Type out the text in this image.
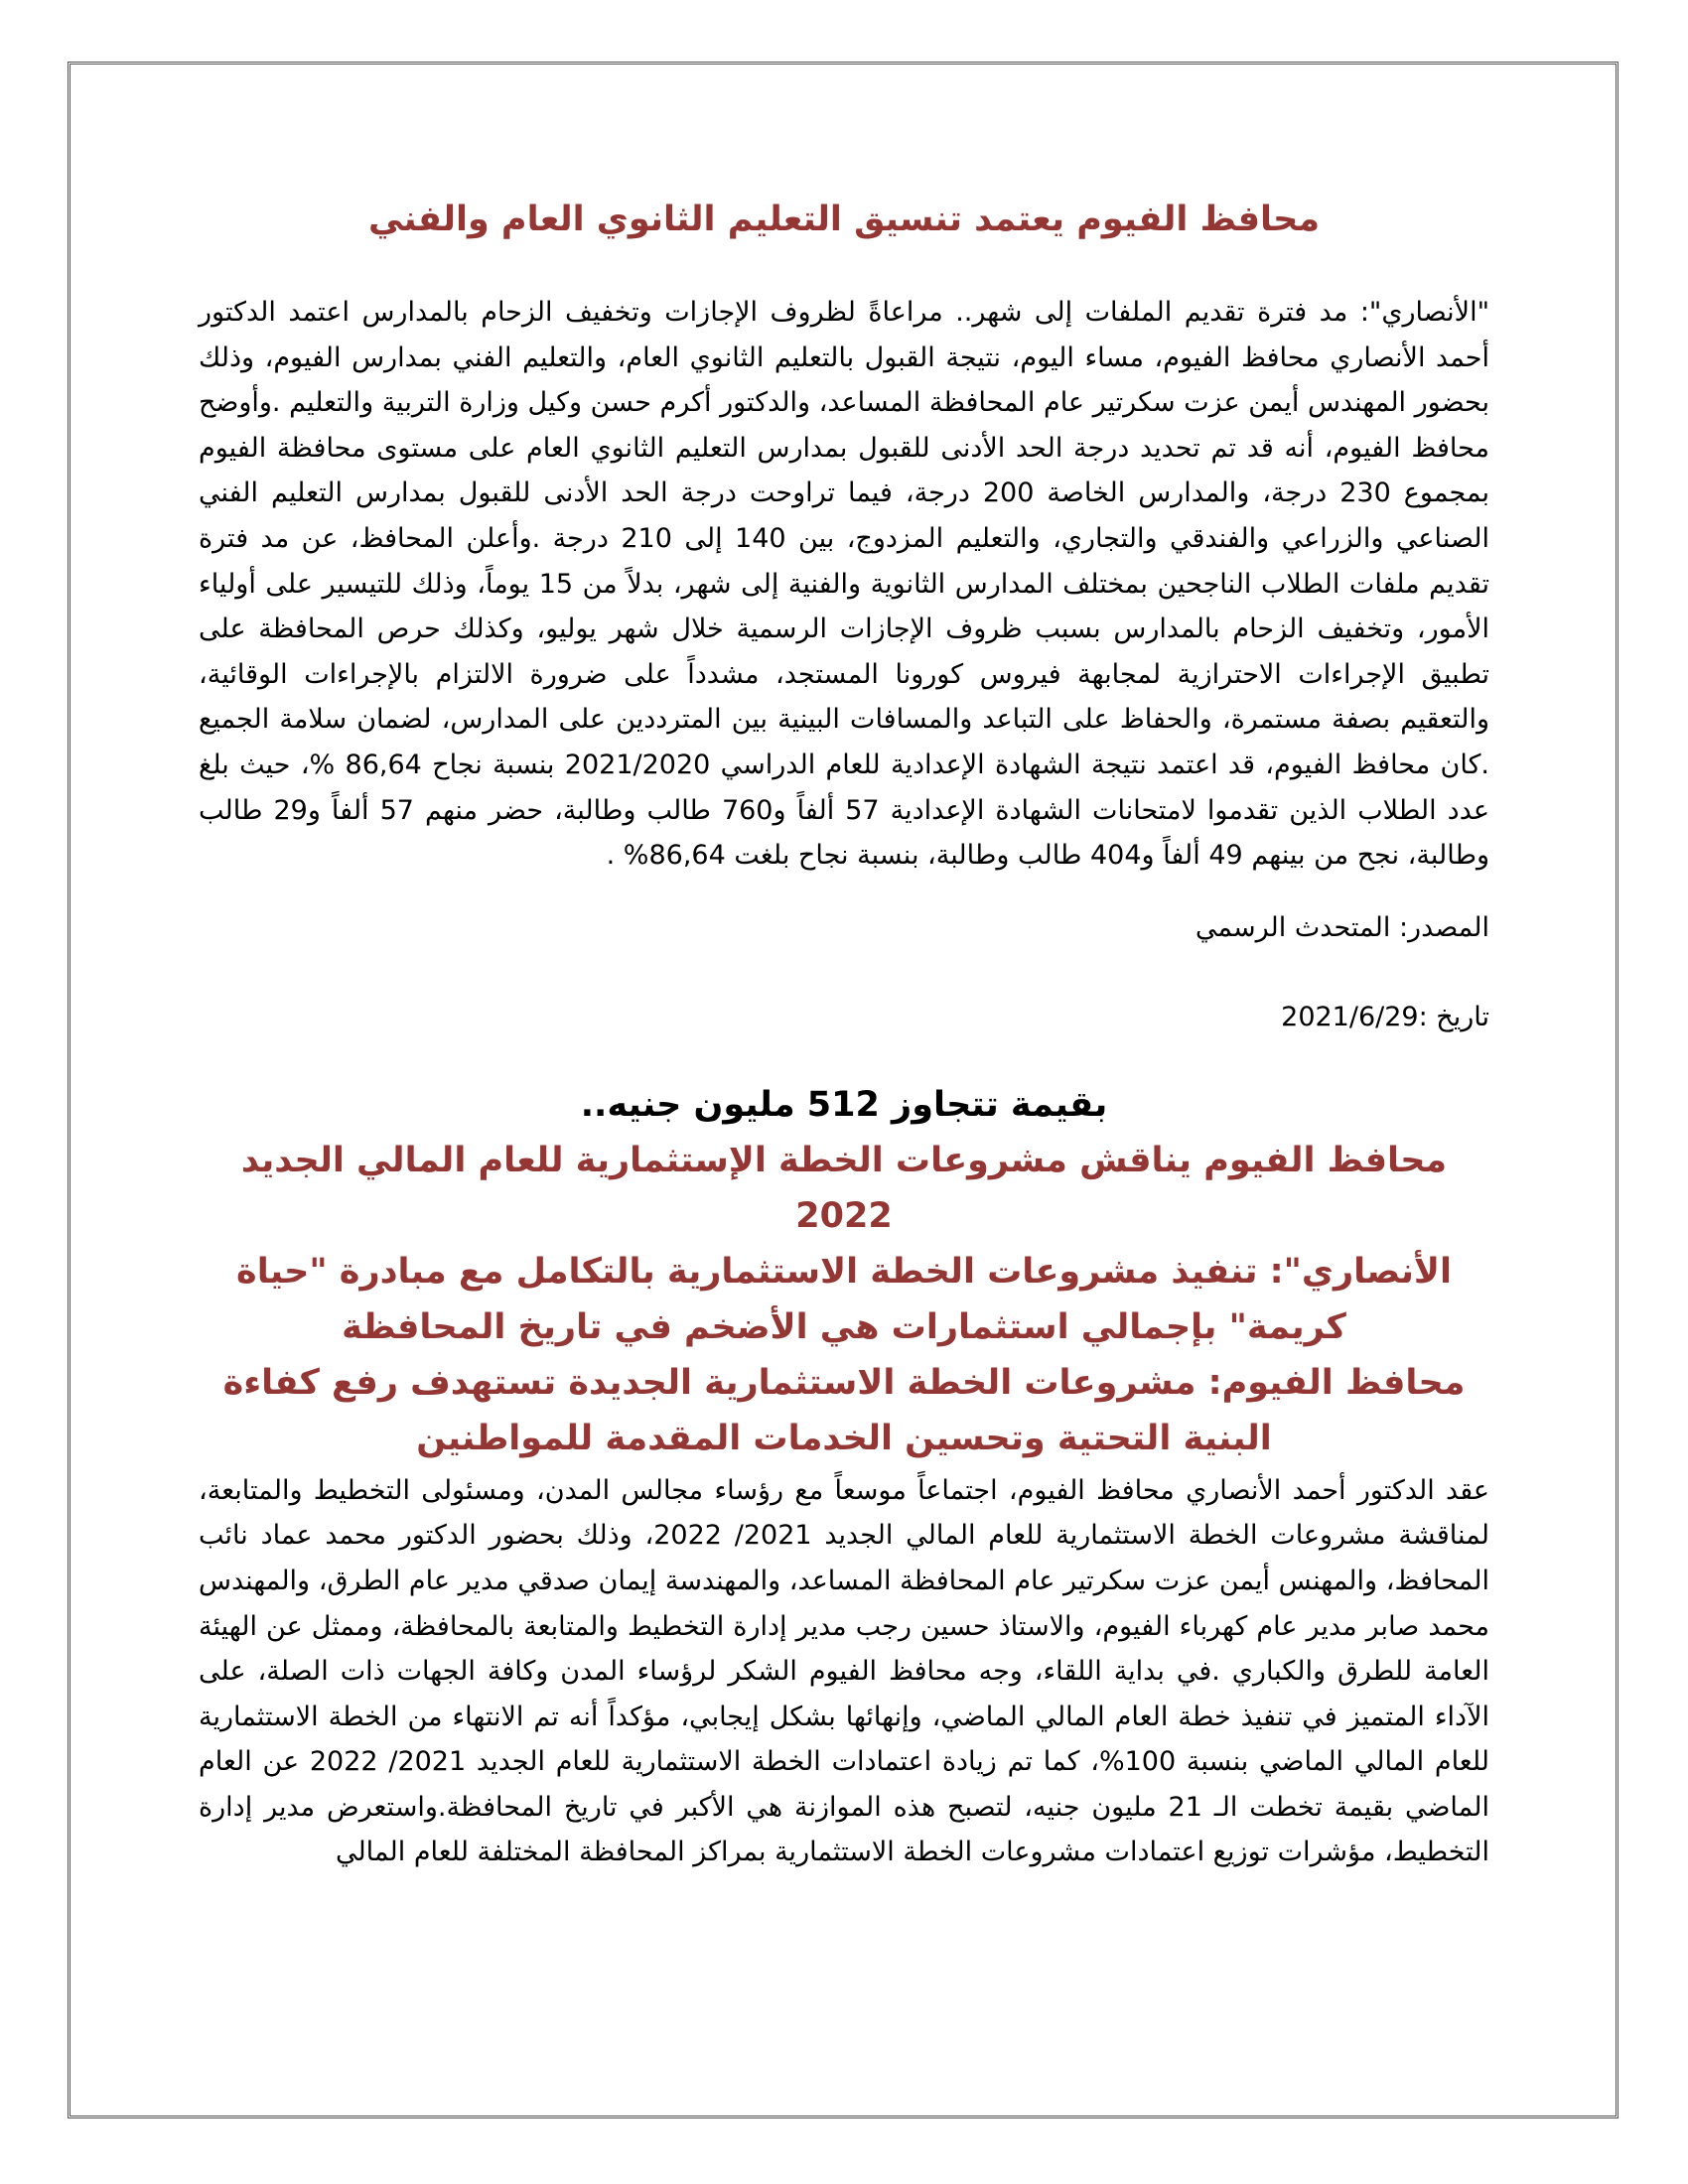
محافظ الفيوم يعتمد تنسيق التعليم الثانوي العام والفني

"الأنصاري": مد فترة تقديم الملفات إلى شهر.. مراعاةً لظروف الإجازات وتخفيف الزحام بالمدارس اعتمد الدكتور أحمد الأنصاري محافظ الفيوم، مساء اليوم، نتيجة القبول بالتعليم الثانوي العام، والتعليم الفني بمدارس الفيوم، وذلك بحضور المهندس أيمن عزت سكرتير عام المحافظة المساعد، والدكتور أكرم حسن وكيل وزارة التربية والتعليم .وأوضح محافظ الفيوم، أنه قد تم تحديد درجة الحد الأدنى للقبول بمدارس التعليم الثانوي العام على مستوى محافظة الفيوم بمجموع 230 درجة، والمدارس الخاصة 200 درجة، فيما تراوحت درجة الحد الأدنى للقبول بمدارس التعليم الفني الصناعي والزراعي والفندقي والتجاري، والتعليم المزدوج، بين 140 إلى 210 درجة .وأعلن المحافظ، عن مد فترة تقديم ملفات الطلاب الناجحين بمختلف المدارس الثانوية والفنية إلى شهر، بدلاً من 15 يوماً، وذلك للتيسير على أولياء الأمور، وتخفيف الزحام بالمدارس بسبب ظروف الإجازات الرسمية خلال شهر يوليو، وكذلك حرص المحافظة على تطبيق الإجراءات الاحترازية لمجابهة فيروس كورونا المستجد، مشدداً على ضرورة الالتزام بالإجراءات الوقائية، والتعقيم بصفة مستمرة، والحفاظ على التباعد والمسافات البينية بين المترددين على المدارس، لضمان سلامة الجميع .كان محافظ الفيوم، قد اعتمد نتيجة الشهادة الإعدادية للعام الدراسي 2021/2020 بنسبة نجاح 86,64 %، حيث بلغ عدد الطلاب الذين تقدموا لامتحانات الشهادة الإعدادية 57 ألفاً و760 طالب وطالبة، حضر منهم 57 ألفاً و29 طالب وطالبة، نجح من بينهم 49 ألفاً و404 طالب وطالبة، بنسبة نجاح بلغت 86,64% .

المصدر: المتحدث الرسمي

تاريخ :2021/6/29

بقيمة تتجاوز 512 مليون جنيه..
محافظ الفيوم يناقش مشروعات الخطة الإستثمارية للعام المالي الجديد 2022
الأنصاري": تنفيذ مشروعات الخطة الاستثمارية بالتكامل مع مبادرة "حياة كريمة" بإجمالي استثمارات هي الأضخم في تاريخ المحافظة
محافظ الفيوم: مشروعات الخطة الاستثمارية الجديدة تستهدف رفع كفاءة البنية التحتية وتحسين الخدمات المقدمة للمواطنين

عقد الدكتور أحمد الأنصاري محافظ الفيوم، اجتماعاً موسعاً مع رؤساء مجالس المدن، ومسئولى التخطيط والمتابعة، لمناقشة مشروعات الخطة الاستثمارية للعام المالي الجديد 2021/ 2022، وذلك بحضور الدكتور محمد عماد نائب المحافظ، والمهنس أيمن عزت سكرتير عام المحافظة المساعد، والمهندسة إيمان صدقي مدير عام الطرق، والمهندس محمد صابر مدير عام كهرباء الفيوم، والاستاذ حسين رجب مدير إدارة التخطيط والمتابعة بالمحافظة، وممثل عن الهيئة العامة للطرق والكباري .في بداية اللقاء، وجه محافظ الفيوم الشكر لرؤساء المدن وكافة الجهات ذات الصلة، على الآداء المتميز في تنفيذ خطة العام المالي الماضي، وإنهائها بشكل إيجابي، مؤكداً أنه تم الانتهاء من الخطة الاستثمارية للعام المالي الماضي بنسبة 100%، كما تم زيادة اعتمادات الخطة الاستثمارية للعام الجديد 2021/ 2022 عن العام الماضي بقيمة تخطت الـ 21 مليون جنيه، لتصبح هذه الموازنة هي الأكبر في تاريخ المحافظة.واستعرض مدير إدارة التخطيط، مؤشرات توزيع اعتمادات مشروعات الخطة الاستثمارية بمراكز المحافظة المختلفة للعام المالي
